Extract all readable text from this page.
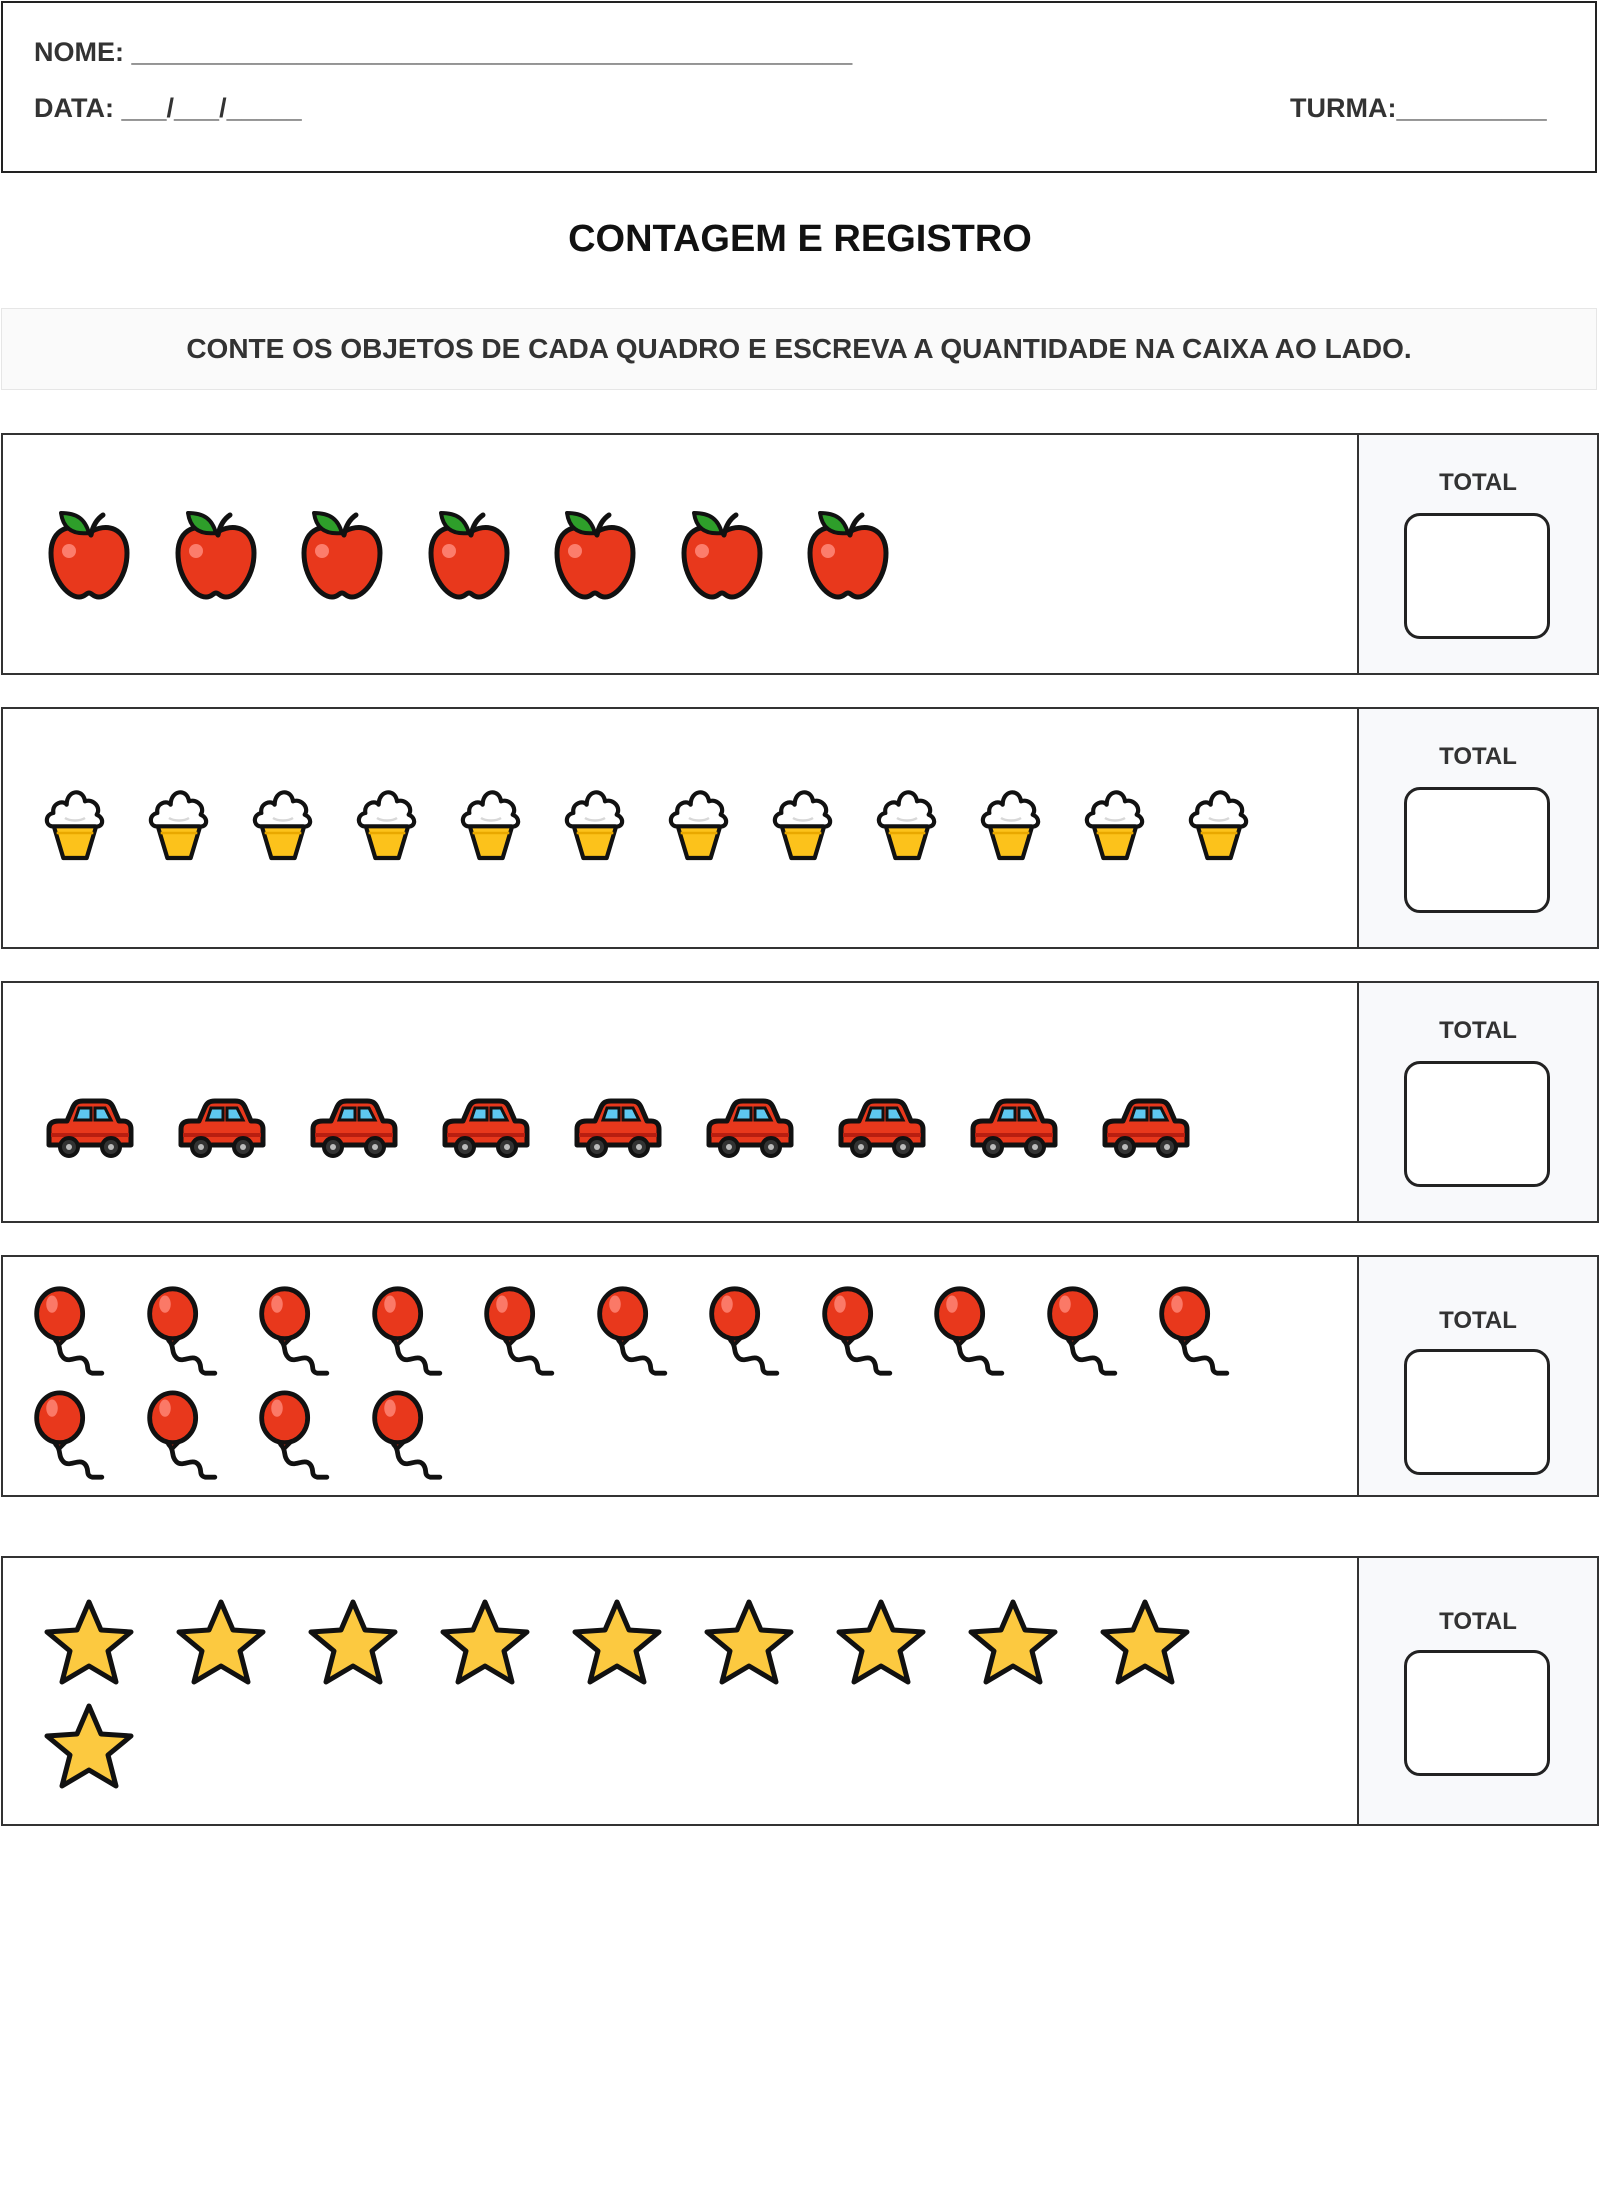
NOME: ________________________________________________
DATA: ___/___/_____	TURMA:__________
CONTAGEM E REGISTRO
CONTE OS OBJETOS DE CADA QUADRO E ESCREVA A QUANTIDADE NA CAIXA AO LADO.
TOTAL
TOTAL
TOTAL
TOTAL
TOTAL
